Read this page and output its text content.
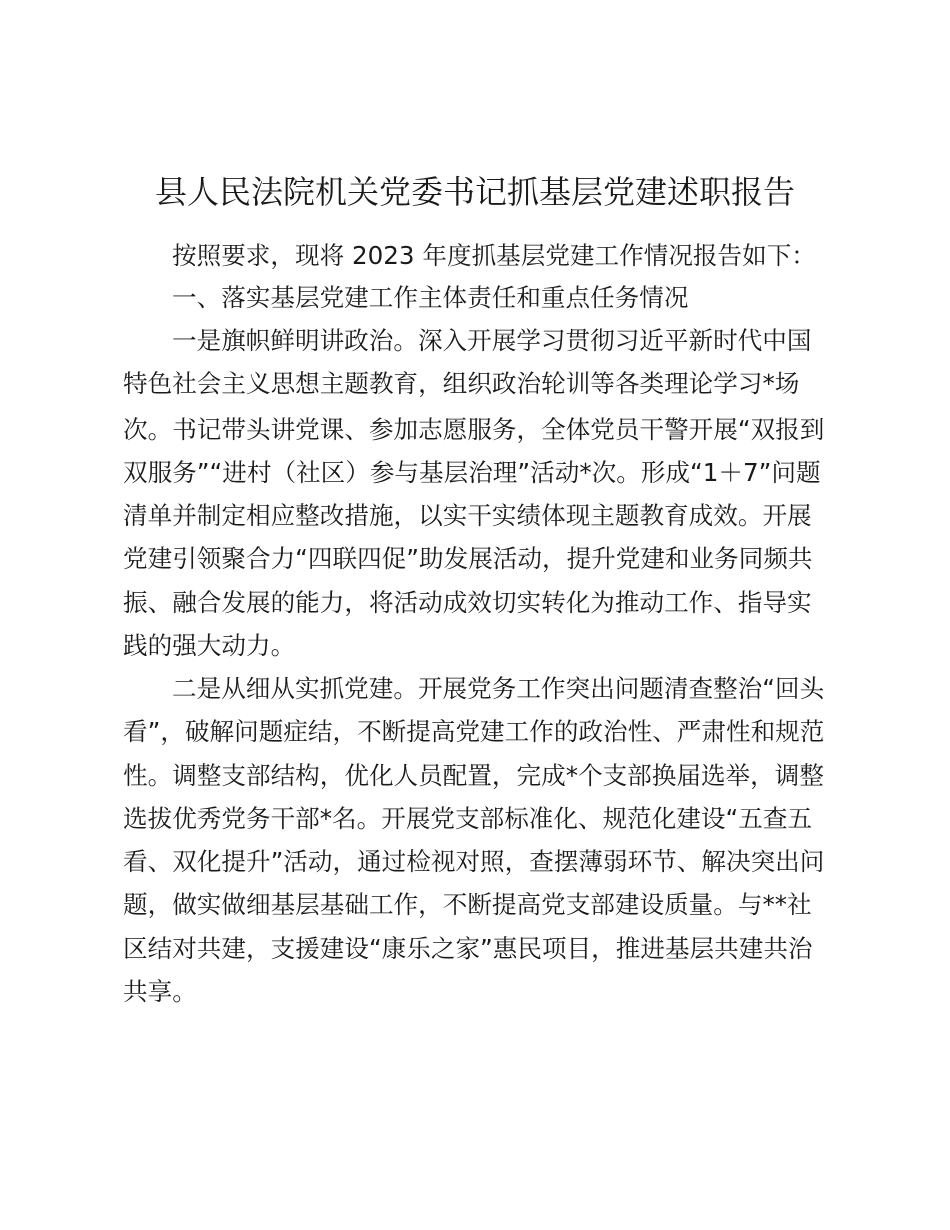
县人民法院机关党委书记抓基层党建述职报告

按照要求，现将 2023 年度抓基层党建工作情况报告如下：

一、落实基层党建工作主体责任和重点任务情况

一是旗帜鲜明讲政治。深入开展学习贯彻习近平新时代中国

特色社会主义思想主题教育，组织政治轮训等各类理论学习*场

次。书记带头讲党课、参加志愿服务，全体党员干警开展“双报到

双服务”“进村（社区）参与基层治理”活动*次。形成“1＋7”问题

清单并制定相应整改措施，以实干实绩体现主题教育成效。开展

党建引领聚合力“四联四促”助发展活动，提升党建和业务同频共

振、融合发展的能力，将活动成效切实转化为推动工作、指导实

践的强大动力。

二是从细从实抓党建。开展党务工作突出问题清查整治“回头

看”，破解问题症结，不断提高党建工作的政治性、严肃性和规范

性。调整支部结构，优化人员配置，完成*个支部换届选举，调整

选拔优秀党务干部*名。开展党支部标准化、规范化建设“五查五

看、双化提升”活动，通过检视对照，查摆薄弱环节、解决突出问

题，做实做细基层基础工作，不断提高党支部建设质量。与**社

区结对共建，支援建设“康乐之家”惠民项目，推进基层共建共治

共享。
